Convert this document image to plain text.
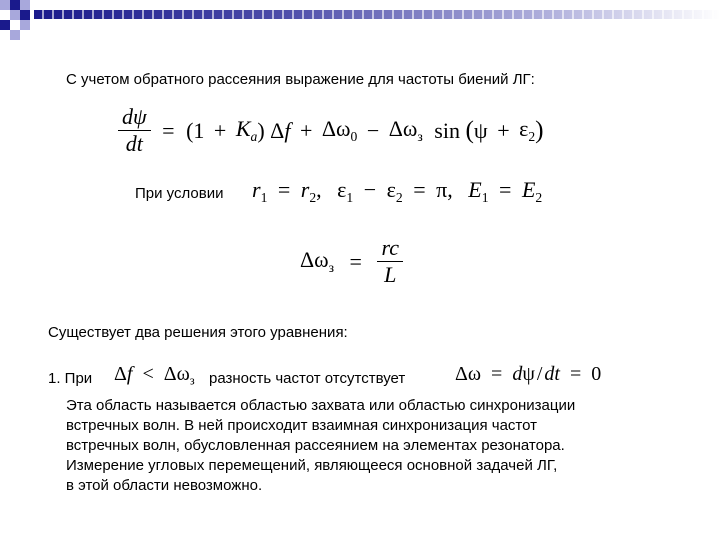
С учетом обратного рассеяния выражение для частоты биений ЛГ:
$\frac{d\psi}{dt} = (1 + K_a) \Delta f + \Delta\omega_0 - \Delta\omega_з$ $\sin (\psi + \varepsilon_2)$
При условии $r_1 = r_2$, $\varepsilon_1 - \varepsilon_2 = \pi$, $E_1 = E_2$
$\Delta\omega_з = \frac{rc}{L}$
Существует два решения этого уравнения:
1. При $\Delta f < \Delta\omega_з$ разность частот отсутствует Δω = dψ / dt = 0
Эта область называется областью захвата или областью синхронизации
встречных волн. В ней происходит взаимная синхронизация частот
встречных волн, обусловленная рассеянием на элементах резонатора.
Измерение угловых перемещений, являющееся основной задачей ЛГ,
в этой области невозможно.
